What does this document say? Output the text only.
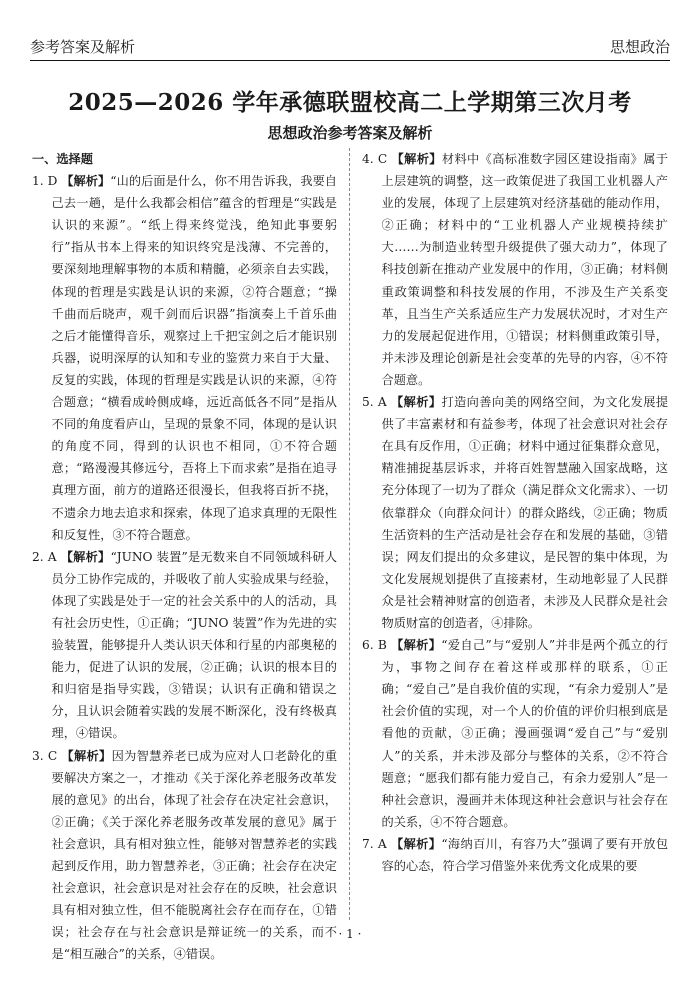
参考答案及解析	思想政治
2025—2026 学年承德联盟校高二上学期第三次月考
思想政治参考答案及解析

一、选择题

1. D 【解析】“山的后面是什么，你不用告诉我，我要自己去一趟，是什么我都会相信”蕴含的哲理是“实践是认识的来源”。“纸上得来终觉浅，绝知此事要躬行”指从书本上得来的知识终究是浅薄、不完善的，要深刻地理解事物的本质和精髓，必须亲自去实践，体现的哲理是实践是认识的来源，②符合题意；“操千曲而后晓声，观千剑而后识器”指演奏上千首乐曲之后才能懂得音乐，观察过上千把宝剑之后才能识别兵器，说明深厚的认知和专业的鉴赏力来自于大量、反复的实践，体现的哲理是实践是认识的来源，④符合题意；“横看成岭侧成峰，远近高低各不同”是指从不同的角度看庐山，呈现的景象不同，体现的是认识的角度不同，得到的认识也不相同，①不符合题意；“路漫漫其修远兮，吾将上下而求索”是指在追寻真理方面，前方的道路还很漫长，但我将百折不挠，不遗余力地去追求和探索，体现了追求真理的无限性和反复性，③不符合题意。

2. A 【解析】“JUNO 装置”是无数来自不同领域科研人员分工协作完成的，并吸收了前人实验成果与经验，体现了实践是处于一定的社会关系中的人的活动，具有社会历史性，①正确；“JUNO 装置”作为先进的实验装置，能够提升人类认识天体和行星的内部奥秘的能力，促进了认识的发展，②正确；认识的根本目的和归宿是指导实践，③错误；认识有正确和错误之分，且认识会随着实践的发展不断深化，没有终极真理，④错误。

3. C 【解析】因为智慧养老已成为应对人口老龄化的重要解决方案之一，才推动《关于深化养老服务改革发展的意见》的出台，体现了社会存在决定社会意识，②正确；《关于深化养老服务改革发展的意见》属于社会意识，具有相对独立性，能够对智慧养老的实践起到反作用，助力智慧养老，③正确；社会存在决定社会意识，社会意识是对社会存在的反映，社会意识具有相对独立性，但不能脱离社会存在而存在，①错误；社会存在与社会意识是辩证统一的关系，而不是“相互融合”的关系，④错误。

4. C 【解析】材料中《高标准数字园区建设指南》属于上层建筑的调整，这一政策促进了我国工业机器人产业的发展，体现了上层建筑对经济基础的能动作用，②正确；材料中的“工业机器人产业规模持续扩大……为制造业转型升级提供了强大动力”，体现了科技创新在推动产业发展中的作用，③正确；材料侧重政策调整和科技发展的作用，不涉及生产关系变革，且当生产关系适应生产力发展状况时，才对生产力的发展起促进作用，①错误；材料侧重政策引导，并未涉及理论创新是社会变革的先导的内容，④不符合题意。

5. A 【解析】打造向善向美的网络空间，为文化发展提供了丰富素材和有益参考，体现了社会意识对社会存在具有反作用，①正确；材料中通过征集群众意见，精准捕捉基层诉求，并将百姓智慧融入国家战略，这充分体现了一切为了群众（满足群众文化需求）、一切依靠群众（向群众问计）的群众路线，②正确；物质生活资料的生产活动是社会存在和发展的基础，③错误；网友们提出的众多建议，是民智的集中体现，为文化发展规划提供了直接素材，生动地彰显了人民群众是社会精神财富的创造者，未涉及人民群众是社会物质财富的创造者，④排除。

6. B 【解析】“爱自己”与“爱别人”并非是两个孤立的行为，事物之间存在着这样或那样的联系，①正确；“爱自己”是自我价值的实现，“有余力爱别人”是社会价值的实现，对一个人的价值的评价归根到底是看他的贡献，③正确；漫画强调“爱自己”与“爱别人”的关系，并未涉及部分与整体的关系，②不符合题意；“愿我们都有能力爱自己，有余力爱别人”是一种社会意识，漫画并未体现这种社会意识与社会存在的关系，④不符合题意。

7. A 【解析】“海纳百川，有容乃大”强调了要有开放包容的心态，符合学习借鉴外来优秀文化成果的要

· 1 ·
